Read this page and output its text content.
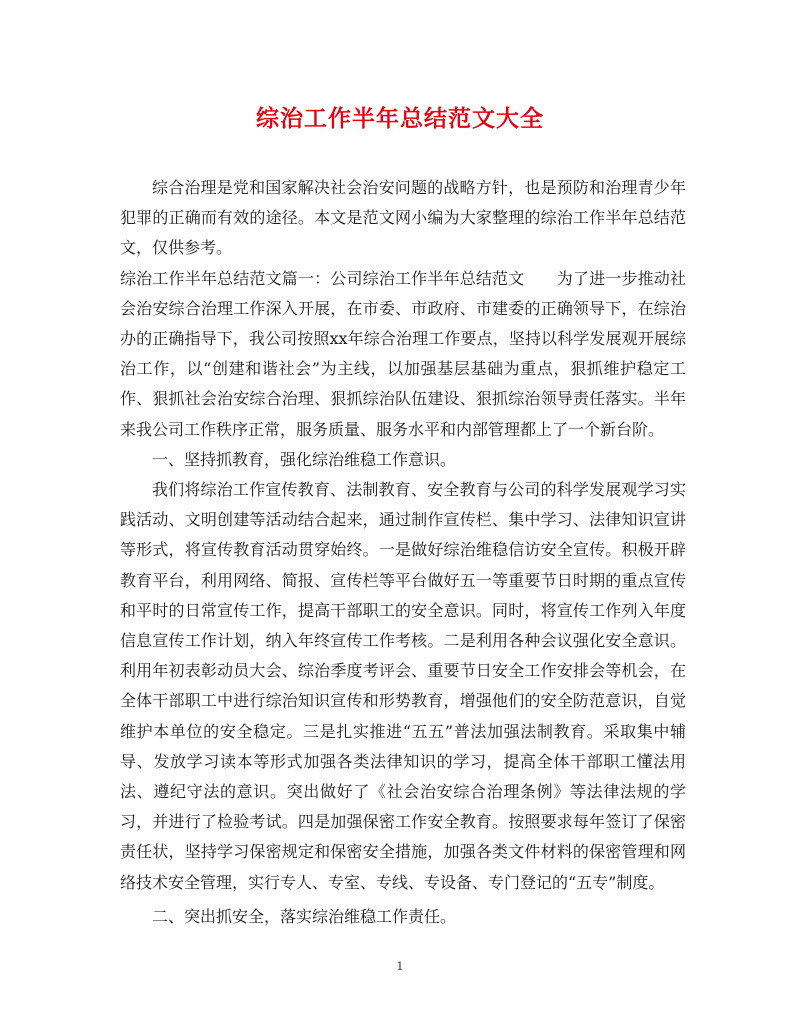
综治工作半年总结范文大全

综合治理是党和国家解决社会治安问题的战略方针，也是预防和治理青少年犯罪的正确而有效的途径。本文是范文网小编为大家整理的综治工作半年总结范文，仅供参考。

综治工作半年总结范文篇一：公司综治工作半年总结范文　　为了进一步推动社会治安综合治理工作深入开展，在市委、市政府、市建委的正确领导下，在综治办的正确指导下，我公司按照xx年综合治理工作要点，坚持以科学发展观开展综治工作，以“创建和谐社会”为主线，以加强基层基础为重点，狠抓维护稳定工作、狠抓社会治安综合治理、狠抓综治队伍建设、狠抓综治领导责任落实。半年来我公司工作秩序正常，服务质量、服务水平和内部管理都上了一个新台阶。

一、坚持抓教育，强化综治维稳工作意识。

我们将综治工作宣传教育、法制教育、安全教育与公司的科学发展观学习实践活动、文明创建等活动结合起来，通过制作宣传栏、集中学习、法律知识宣讲等形式，将宣传教育活动贯穿始终。一是做好综治维稳信访安全宣传。积极开辟教育平台，利用网络、简报、宣传栏等平台做好五一等重要节日时期的重点宣传和平时的日常宣传工作，提高干部职工的安全意识。同时，将宣传工作列入年度信息宣传工作计划，纳入年终宣传工作考核。二是利用各种会议强化安全意识。利用年初表彰动员大会、综治季度考评会、重要节日安全工作安排会等机会，在全体干部职工中进行综治知识宣传和形势教育，增强他们的安全防范意识，自觉维护本单位的安全稳定。三是扎实推进“五五”普法加强法制教育。采取集中辅导、发放学习读本等形式加强各类法律知识的学习，提高全体干部职工懂法用法、遵纪守法的意识。突出做好了《社会治安综合治理条例》等法律法规的学习，并进行了检验考试。四是加强保密工作安全教育。按照要求每年签订了保密责任状，坚持学习保密规定和保密安全措施，加强各类文件材料的保密管理和网络技术安全管理，实行专人、专室、专线、专设备、专门登记的“五专”制度。

二、突出抓安全，落实综治维稳工作责任。

1
